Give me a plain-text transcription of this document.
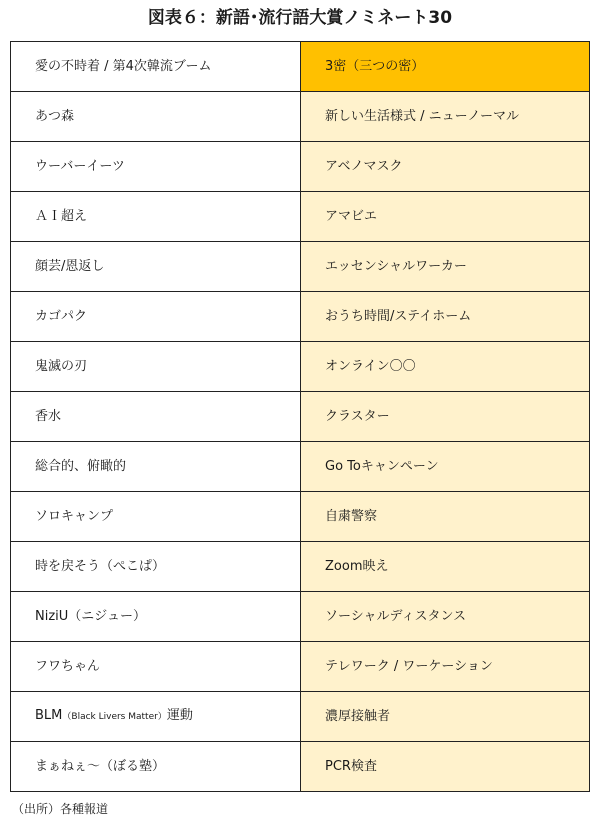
図表６：新語･流行語大賞ノミネート30
愛の不時着 / 第4次韓流ブーム	3密（三つの密）
あつ森	新しい生活様式 / ニューノーマル
ウーバーイーツ	アベノマスク
ＡＩ超え	アマビエ
顔芸/恩返し	エッセンシャルワーカー
カゴパク	おうち時間/ステイホーム
鬼滅の刃	オンライン〇〇
香水	クラスター
総合的、俯瞰的	Go Toキャンペーン
ソロキャンプ	自粛警察
時を戻そう（ぺこぱ）	Zoom映え
NiziU（ニジュー）	ソーシャルディスタンス
フワちゃん	テレワーク / ワーケーション
BLM（Black Livers Matter）運動	濃厚接触者
まぁねぇ～（ぼる塾）	PCR検査
（出所）各種報道
